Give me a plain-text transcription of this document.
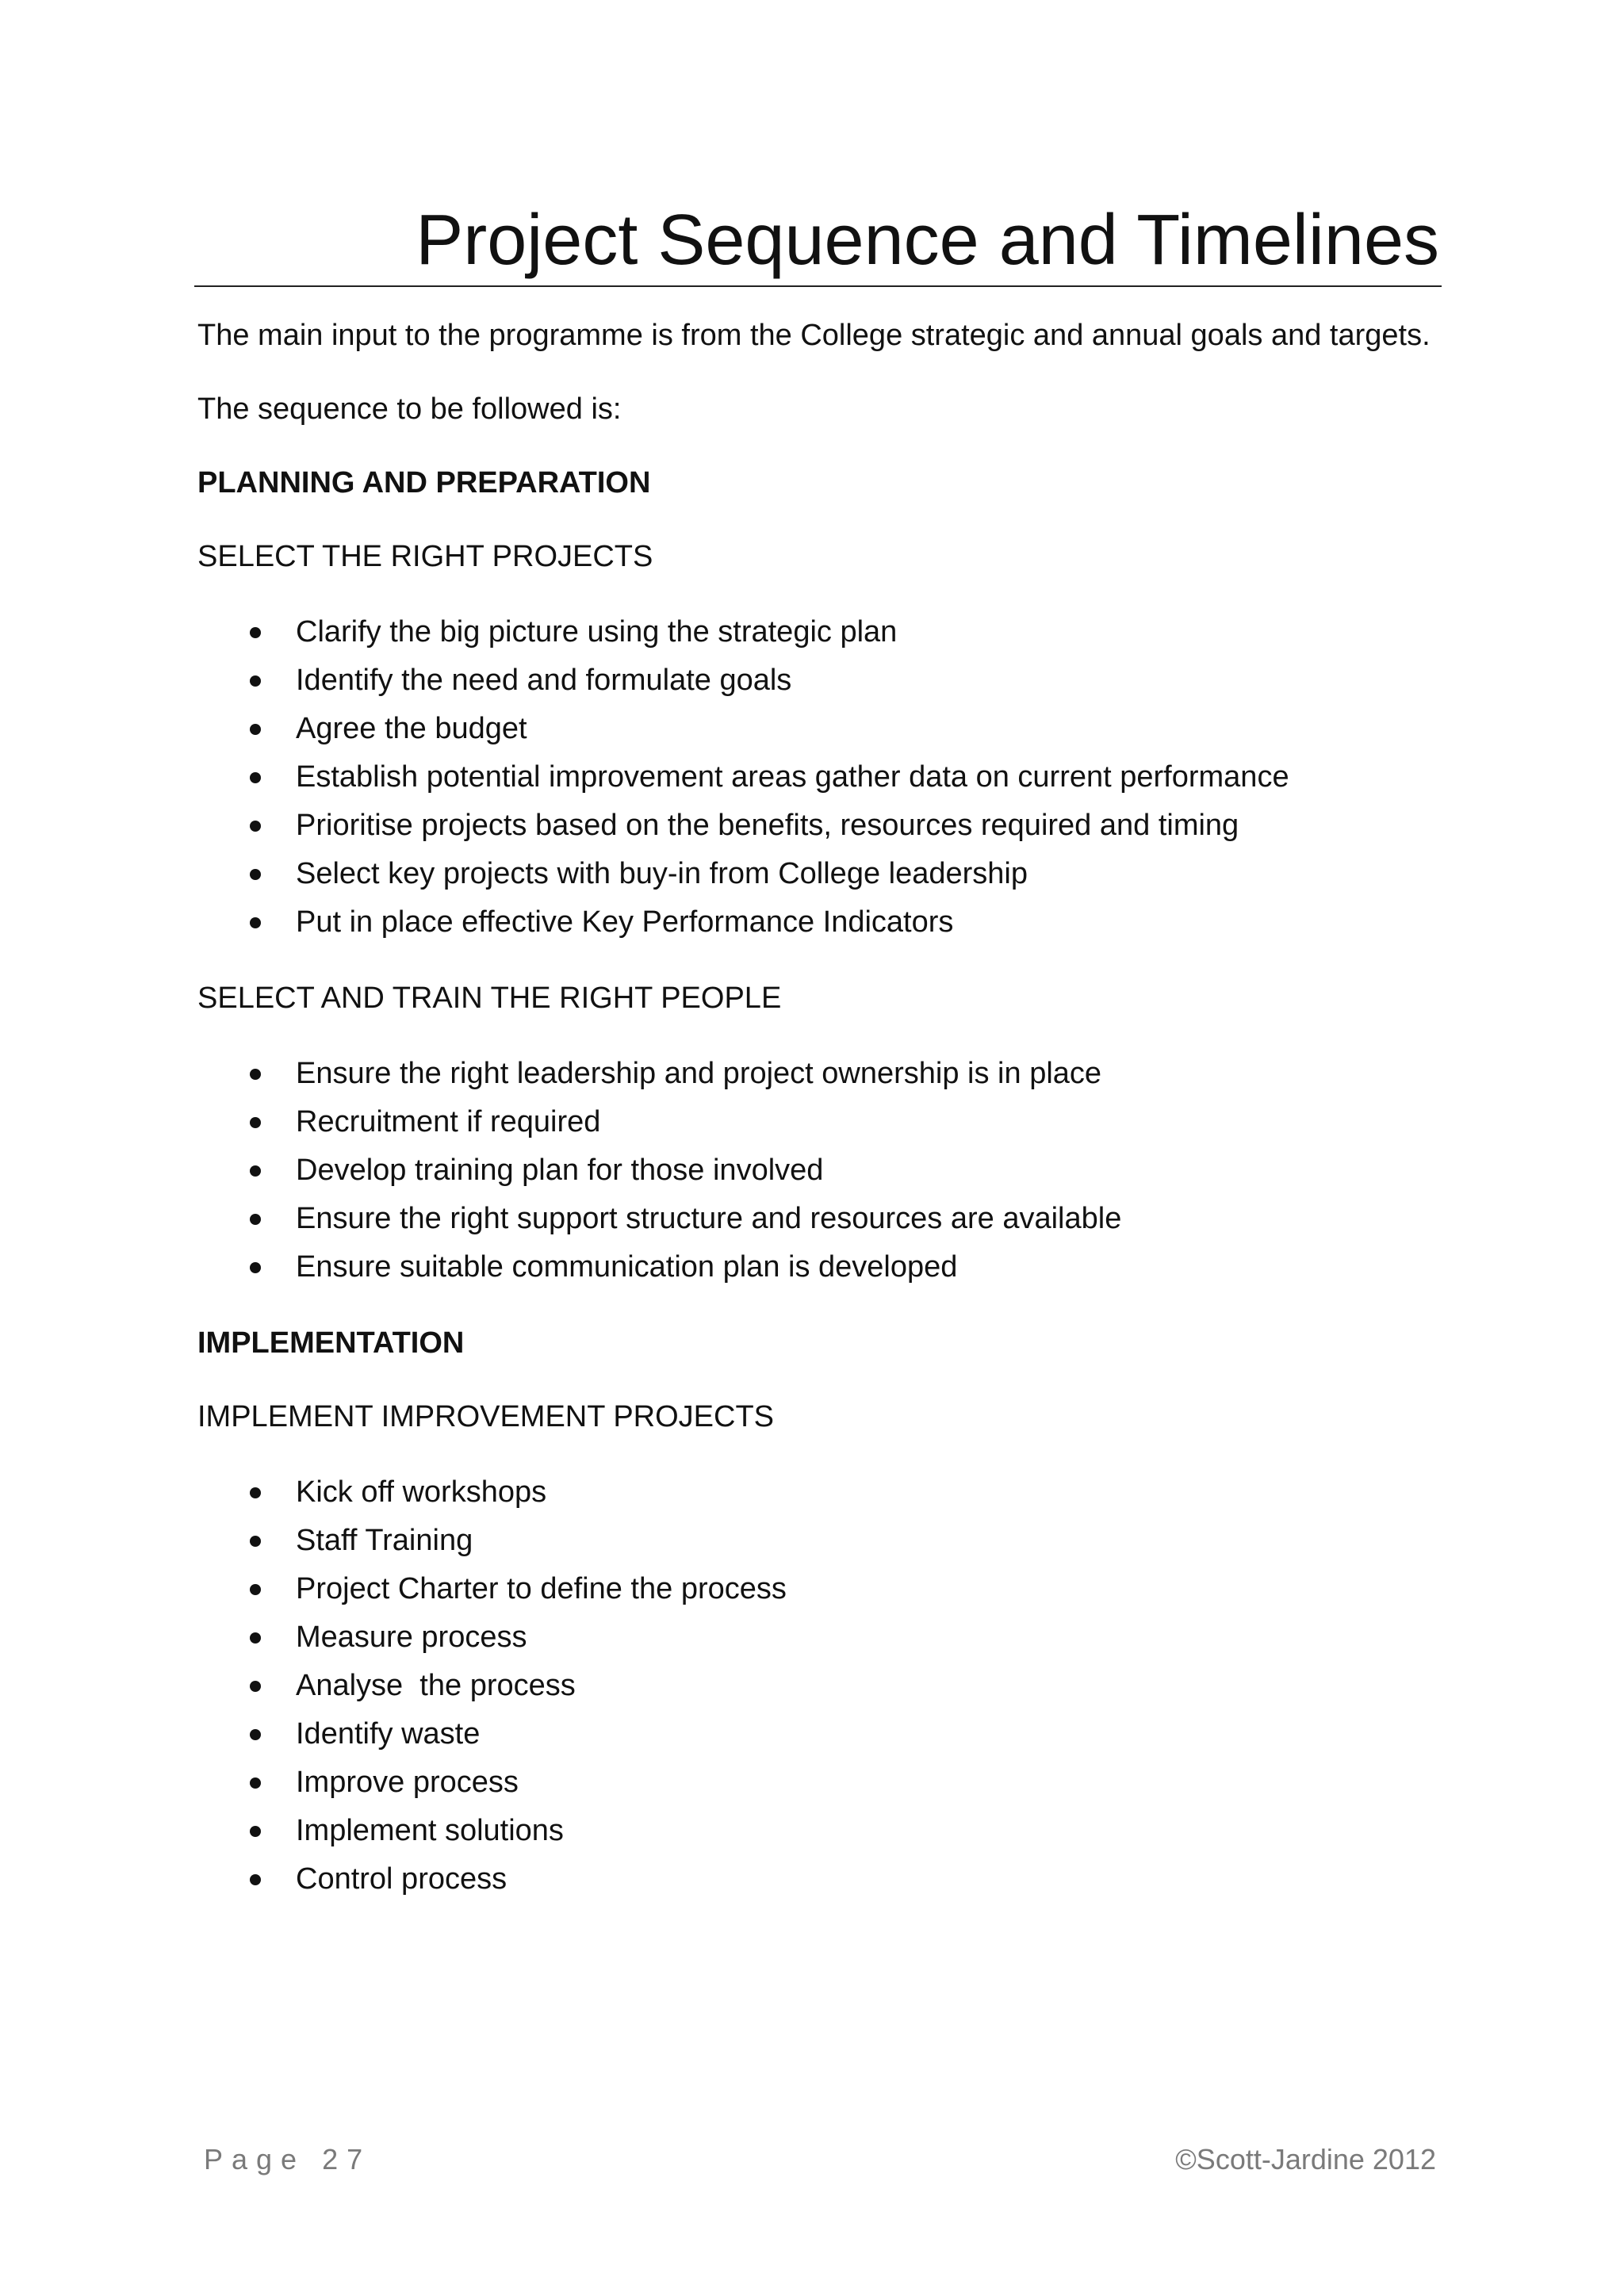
Project Sequence and Timelines

The main input to the programme is from the College strategic and annual goals and targets.

The sequence to be followed is:

PLANNING AND PREPARATION

SELECT THE RIGHT PROJECTS

Clarify the big picture using the strategic plan
Identify the need and formulate goals
Agree the budget
Establish potential improvement areas gather data on current performance
Prioritise projects based on the benefits, resources required and timing
Select key projects with buy-in from College leadership
Put in place effective Key Performance Indicators

SELECT AND TRAIN THE RIGHT PEOPLE

Ensure the right leadership and project ownership is in place
Recruitment if required
Develop training plan for those involved
Ensure the right support structure and resources are available
Ensure suitable communication plan is developed

IMPLEMENTATION

IMPLEMENT IMPROVEMENT PROJECTS

Kick off workshops
Staff Training
Project Charter to define the process
Measure process
Analyse  the process
Identify waste
Improve process
Implement solutions
Control process
Page 27	©Scott-Jardine 2012
